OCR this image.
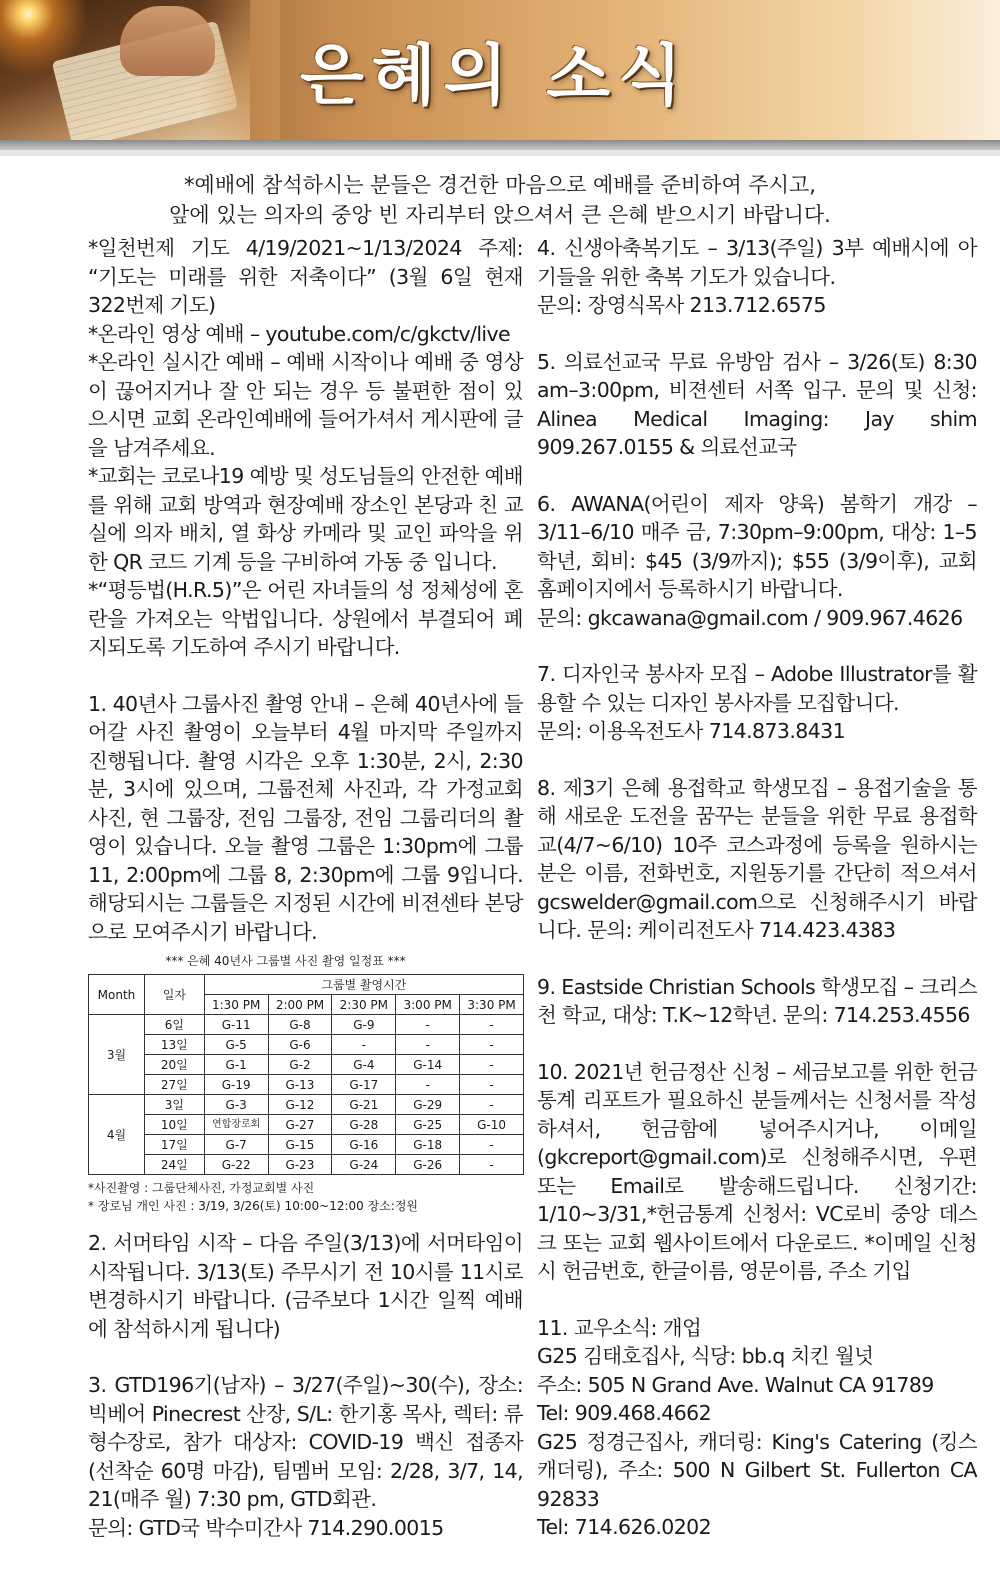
은혜의 소식
*예배에 참석하시는 분들은 경건한 마음으로 예배를 준비하여 주시고,
앞에 있는 의자의 중앙 빈 자리부터 앉으셔서 큰 은혜 받으시기 바랍니다.

*일천번제 기도 4/19/2021~1/13/2024 주제: “기도는 미래를 위한 저축이다” (3월 6일 현재 322번제 기도)

*온라인 영상 예배 – youtube.com/c/gkctv/live

*온라인 실시간 예배 – 예배 시작이나 예배 중 영상이 끊어지거나 잘 안 되는 경우 등 불편한 점이 있으시면 교회 온라인예배에 들어가셔서 게시판에 글을 남겨주세요.

*교회는 코로나19 예방 및 성도님들의 안전한 예배를 위해 교회 방역과 현장예배 장소인 본당과 친 교실에 의자 배치, 열 화상 카메라 및 교인 파악을 위한 QR 코드 기계 등을 구비하여 가동 중 입니다.

*“평등법(H.R.5)”은 어린 자녀들의 성 정체성에 혼란을 가져오는 악법입니다. 상원에서 부결되어 폐지되도록 기도하여 주시기 바랍니다.

1. 40년사 그룹사진 촬영 안내 – 은혜 40년사에 들어갈 사진 촬영이 오늘부터 4월 마지막 주일까지 진행됩니다. 촬영 시각은 오후 1:30분, 2시, 2:30분, 3시에 있으며, 그룹전체 사진과, 각 가정교회 사진, 현 그룹장, 전임 그룹장, 전임 그룹리더의 촬영이 있습니다. 오늘 촬영 그룹은 1:30pm에 그룹 11, 2:00pm에 그룹 8, 2:30pm에 그룹 9입니다. 해당되시는 그룹들은 지정된 시간에 비젼센타 본당으로 모여주시기 바랍니다.

*** 은혜 40년사 그룹별 사진 촬영 일정표 ***
Month	일자	그룹별 촬영시간				
		1:30 PM	2:00 PM	2:30 PM	3:00 PM	3:30 PM
3월	6일	G-11	G-8	G-9	-	-
	13일	G-5	G-6	-	-	-
	20일	G-1	G-2	G-4	G-14	-
	27일	G-19	G-13	G-17	-	-
4월	3일	G-3	G-12	G-21	G-29	-
	10일	연합장로회	G-27	G-28	G-25	G-10
	17일	G-7	G-15	G-16	G-18	-
	24일	G-22	G-23	G-24	G-26	-
*사진촬영 : 그룹단체사진, 가정교회별 사진
* 장로님 개인 사진 : 3/19, 3/26(토) 10:00~12:00 장소:정원

2. 서머타임 시작 – 다음 주일(3/13)에 서머타임이 시작됩니다. 3/13(토) 주무시기 전 10시를 11시로 변경하시기 바랍니다. (금주보다 1시간 일찍 예배에 참석하시게 됩니다)

3. GTD196기(남자) – 3/27(주일)~30(수), 장소: 빅베어 Pinecrest 산장, S/L: 한기홍 목사, 렉터: 류형수장로, 참가 대상자: COVID-19 백신 접종자 (선착순 60명 마감), 팀멤버 모임: 2/28, 3/7, 14, 21(매주 월) 7:30 pm, GTD회관.

문의: GTD국 박수미간사 714.290.0015

4. 신생아축복기도 – 3/13(주일) 3부 예배시에 아기들을 위한 축복 기도가 있습니다.

문의: 장영식목사 213.712.6575

5. 의료선교국 무료 유방암 검사 – 3/26(토) 8:30 am–3:00pm, 비젼센터 서쪽 입구. 문의 및 신청: Alinea Medical Imaging: Jay shim 909.267.0155 & 의료선교국

6. AWANA(어린이 제자 양육) 봄학기 개강 – 3/11–6/10 매주 금, 7:30pm–9:00pm, 대상: 1–5학년, 회비: $45 (3/9까지); $55 (3/9이후), 교회 홈페이지에서 등록하시기 바랍니다.

문의: gkcawana@gmail.com / 909.967.4626

7. 디자인국 봉사자 모집 – Adobe Illustrator를 활용할 수 있는 디자인 봉사자를 모집합니다.

문의: 이용옥전도사 714.873.8431

8. 제3기 은혜 용접학교 학생모집 – 용접기술을 통해 새로운 도전을 꿈꾸는 분들을 위한 무료 용접학교(4/7~6/10) 10주 코스과정에 등록을 원하시는 분은 이름, 전화번호, 지원동기를 간단히 적으셔서 gcswelder@gmail.com으로 신청해주시기 바랍니다. 문의: 케이리전도사 714.423.4383

9. Eastside Christian Schools 학생모집 – 크리스천 학교, 대상: T.K~12학년. 문의: 714.253.4556

10. 2021년 헌금정산 신청 – 세금보고를 위한 헌금통계 리포트가 필요하신 분들께서는 신청서를 작성하셔서, 헌금함에 넣어주시거나, 이메일 (gkcreport@gmail.com)로 신청해주시면, 우편 또는 Email로 발송해드립니다. 신청기간: 1/10~3/31,*헌금통계 신청서: VC로비 중앙 데스크 또는 교회 웹사이트에서 다운로드. *이메일 신청시 헌금번호, 한글이름, 영문이름, 주소 기입

11. 교우소식: 개업

G25 김태호집사, 식당: bb.q 치킨 월넛

주소: 505 N Grand Ave. Walnut CA 91789

Tel: 909.468.4662

G25 정경근집사, 캐더링: King's Catering (킹스캐더링), 주소: 500 N Gilbert St. Fullerton CA 92833

Tel: 714.626.0202
